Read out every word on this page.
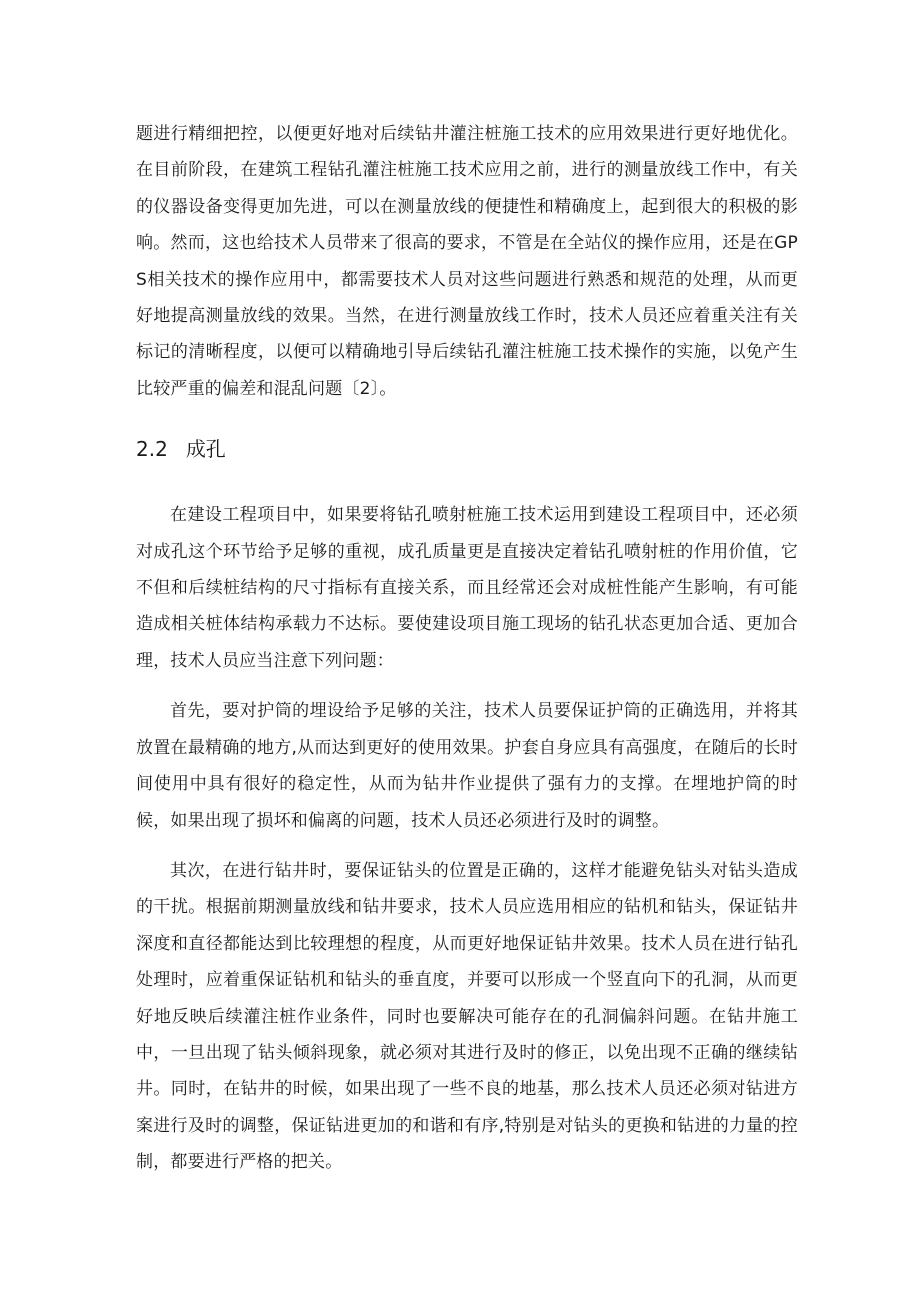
题进行精细把控，以便更好地对后续钻井灌注桩施工技术的应用效果进行更好地优化。在目前阶段，在建筑工程钻孔灌注桩施工技术应用之前，进行的测量放线工作中，有关的仪器设备变得更加先进，可以在测量放线的便捷性和精确度上，起到很大的积极的影响。然而，这也给技术人员带来了很高的要求，不管是在全站仪的操作应用，还是在GPS相关技术的操作应用中，都需要技术人员对这些问题进行熟悉和规范的处理，从而更好地提高测量放线的效果。当然，在进行测量放线工作时，技术人员还应着重关注有关标记的清晰程度，以便可以精确地引导后续钻孔灌注桩施工技术操作的实施，以免产生比较严重的偏差和混乱问题〔2〕。

2.2 成孔

在建设工程项目中，如果要将钻孔喷射桩施工技术运用到建设工程项目中，还必须对成孔这个环节给予足够的重视，成孔质量更是直接决定着钻孔喷射桩的作用价值，它不但和后续桩结构的尺寸指标有直接关系，而且经常还会对成桩性能产生影响，有可能造成相关桩体结构承载力不达标。要使建设项目施工现场的钻孔状态更加合适、更加合理，技术人员应当注意下列问题：

首先，要对护筒的埋设给予足够的关注，技术人员要保证护筒的正确选用，并将其放置在最精确的地方,从而达到更好的使用效果。护套自身应具有高强度，在随后的长时间使用中具有很好的稳定性，从而为钻井作业提供了强有力的支撑。在埋地护筒的时候，如果出现了损坏和偏离的问题，技术人员还必须进行及时的调整。

其次，在进行钻井时，要保证钻头的位置是正确的，这样才能避免钻头对钻头造成的干扰。根据前期测量放线和钻井要求，技术人员应选用相应的钻机和钻头，保证钻井深度和直径都能达到比较理想的程度，从而更好地保证钻井效果。技术人员在进行钻孔处理时，应着重保证钻机和钻头的垂直度，并要可以形成一个竖直向下的孔洞，从而更好地反映后续灌注桩作业条件，同时也要解决可能存在的孔洞偏斜问题。在钻井施工中，一旦出现了钻头倾斜现象，就必须对其进行及时的修正，以免出现不正确的继续钻井。同时，在钻井的时候，如果出现了一些不良的地基，那么技术人员还必须对钻进方案进行及时的调整，保证钻进更加的和谐和有序,特别是对钻头的更换和钻进的力量的控制，都要进行严格的把关。
